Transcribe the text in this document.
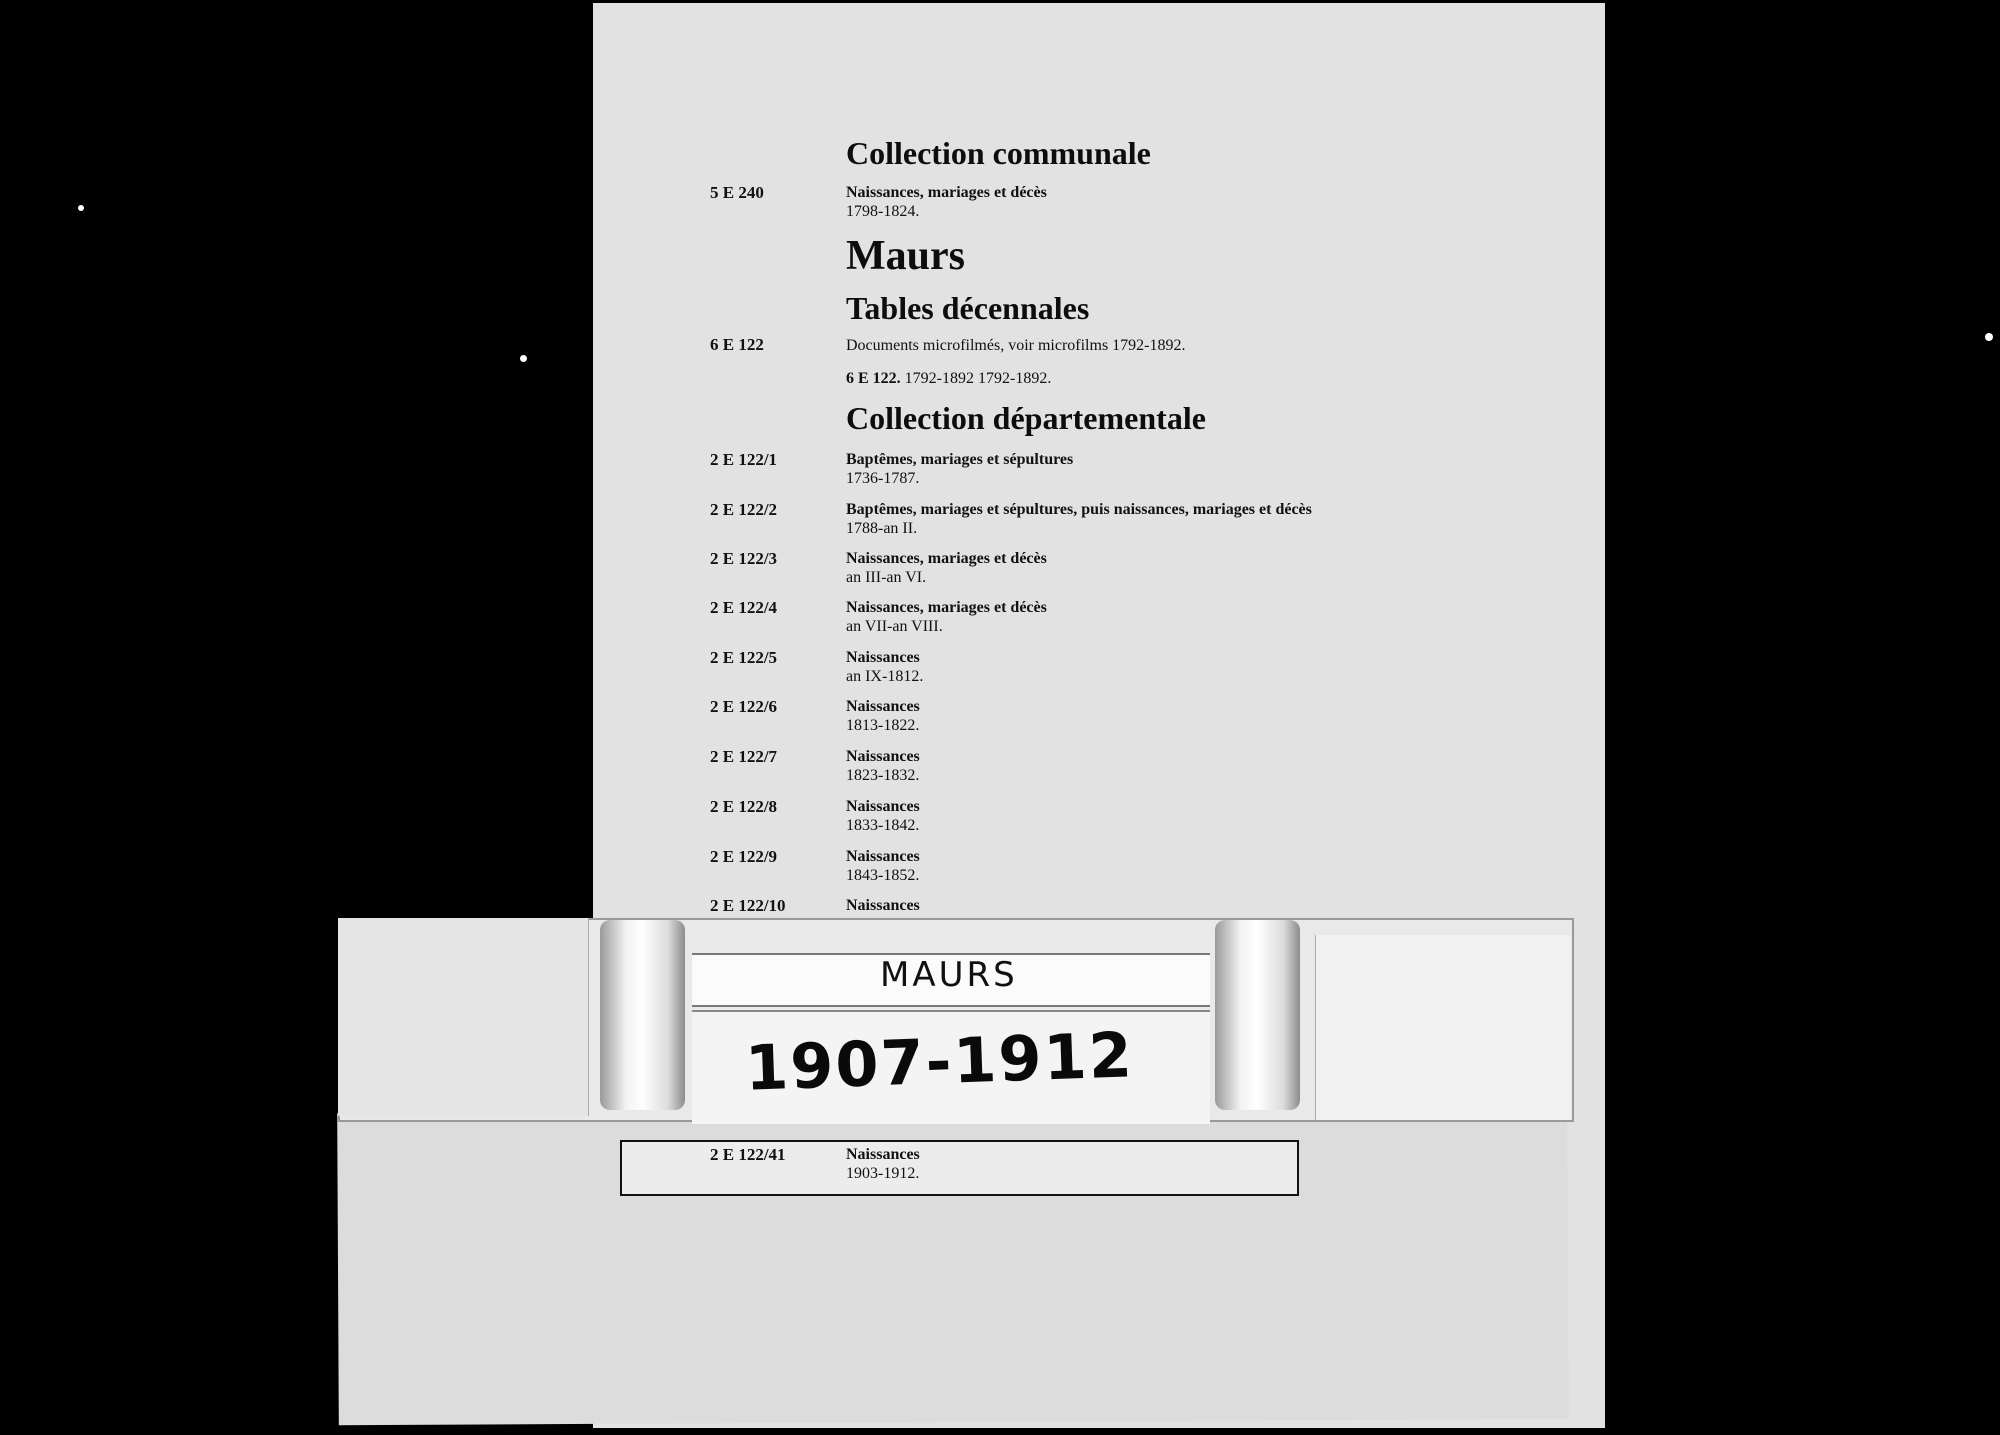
Collection communale
5 E 240	Naissances, mariages et décès
1798-1824.
Maurs
Tables décennales
6 E 122	Documents microfilmés, voir microfilms 1792-1892.
6 E 122. 1792-1892 1792-1892.
Collection départementale
2 E 122/1	Baptêmes, mariages et sépultures
1736-1787.
2 E 122/2	Baptêmes, mariages et sépultures, puis naissances, mariages et décès
1788-an II.
2 E 122/3	Naissances, mariages et décès
an III-an VI.
2 E 122/4	Naissances, mariages et décès
an VII-an VIII.
2 E 122/5	Naissances
an IX-1812.
2 E 122/6	Naissances
1813-1822.
2 E 122/7	Naissances
1823-1832.
2 E 122/8	Naissances
1833-1842.
2 E 122/9	Naissances
1843-1852.
2 E 122/10	Naissances
MAURS
1907-1912
2 E 122/41	Naissances
1903-1912.
